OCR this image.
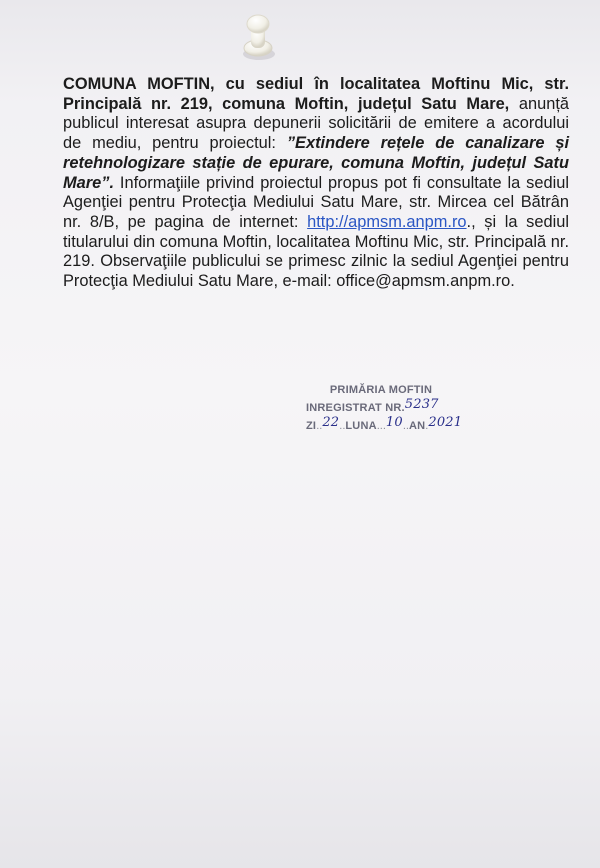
COMUNA MOFTIN, cu sediul în localitatea Moftinu Mic, str. Principală nr. 219, comuna Moftin, județul Satu Mare, anunță publicul interesat asupra depunerii solicitării de emitere a acordului de mediu, pentru proiectul: ”Extindere rețele de canalizare și retehnologizare stație de epurare, comuna Moftin, județul Satu Mare”. Informaţiile privind proiectul propus pot fi consultate la sediul Agenţiei pentru Protecţia Mediului Satu Mare, str. Mircea cel Bătrân nr. 8/B, pe pagina de internet: http://apmsm.anpm.ro., și la sediul titularului din comuna Moftin, localitatea Moftinu Mic, str. Principală nr. 219. Observaţiile publicului se primesc zilnic la sediul Agenţiei pentru Protecţia Mediului Satu Mare, e-mail: office@apmsm.anpm.ro.
PRIMĂRIA MOFTIN
INREGISTRAT NR.5237
ZI..22..LUNA...10..AN.2021
